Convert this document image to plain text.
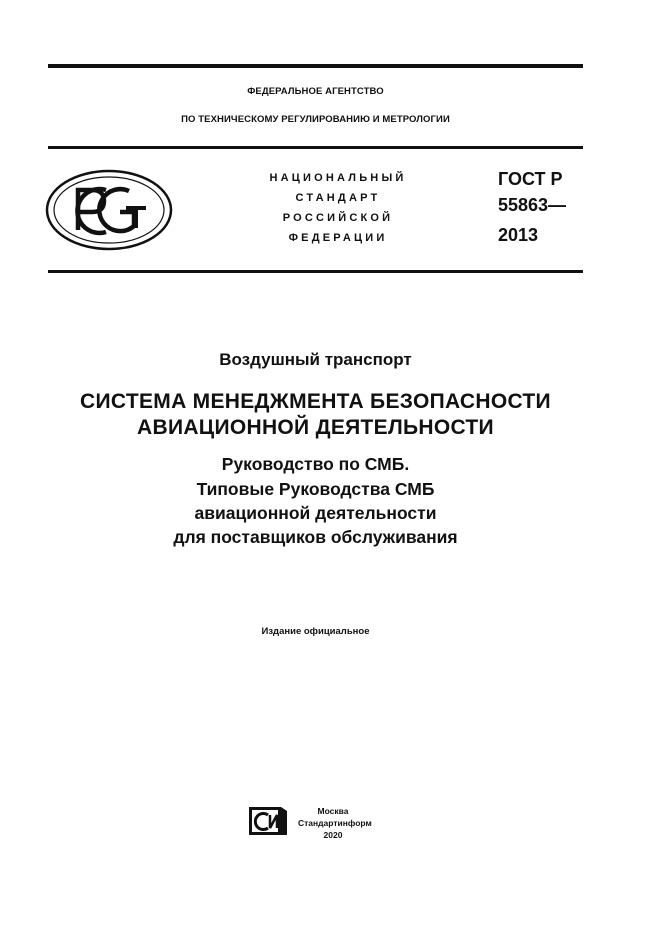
ФЕДЕРАЛЬНОЕ АГЕНТСТВО
ПО ТЕХНИЧЕСКОМУ РЕГУЛИРОВАНИЮ И МЕТРОЛОГИИ
НАЦИОНАЛЬНЫЙ
СТАНДАРТ
РОССИЙСКОЙ
ФЕДЕРАЦИИ
ГОСТ Р
55863—
2013
Воздушный транспорт
СИСТЕМА МЕНЕДЖМЕНТА БЕЗОПАСНОСТИ
АВИАЦИОННОЙ ДЕЯТЕЛЬНОСТИ
Руководство по СМБ.
Типовые Руководства СМБ
авиационной деятельности
для поставщиков обслуживания
Издание официальное
Москва
Стандартинформ
2020
